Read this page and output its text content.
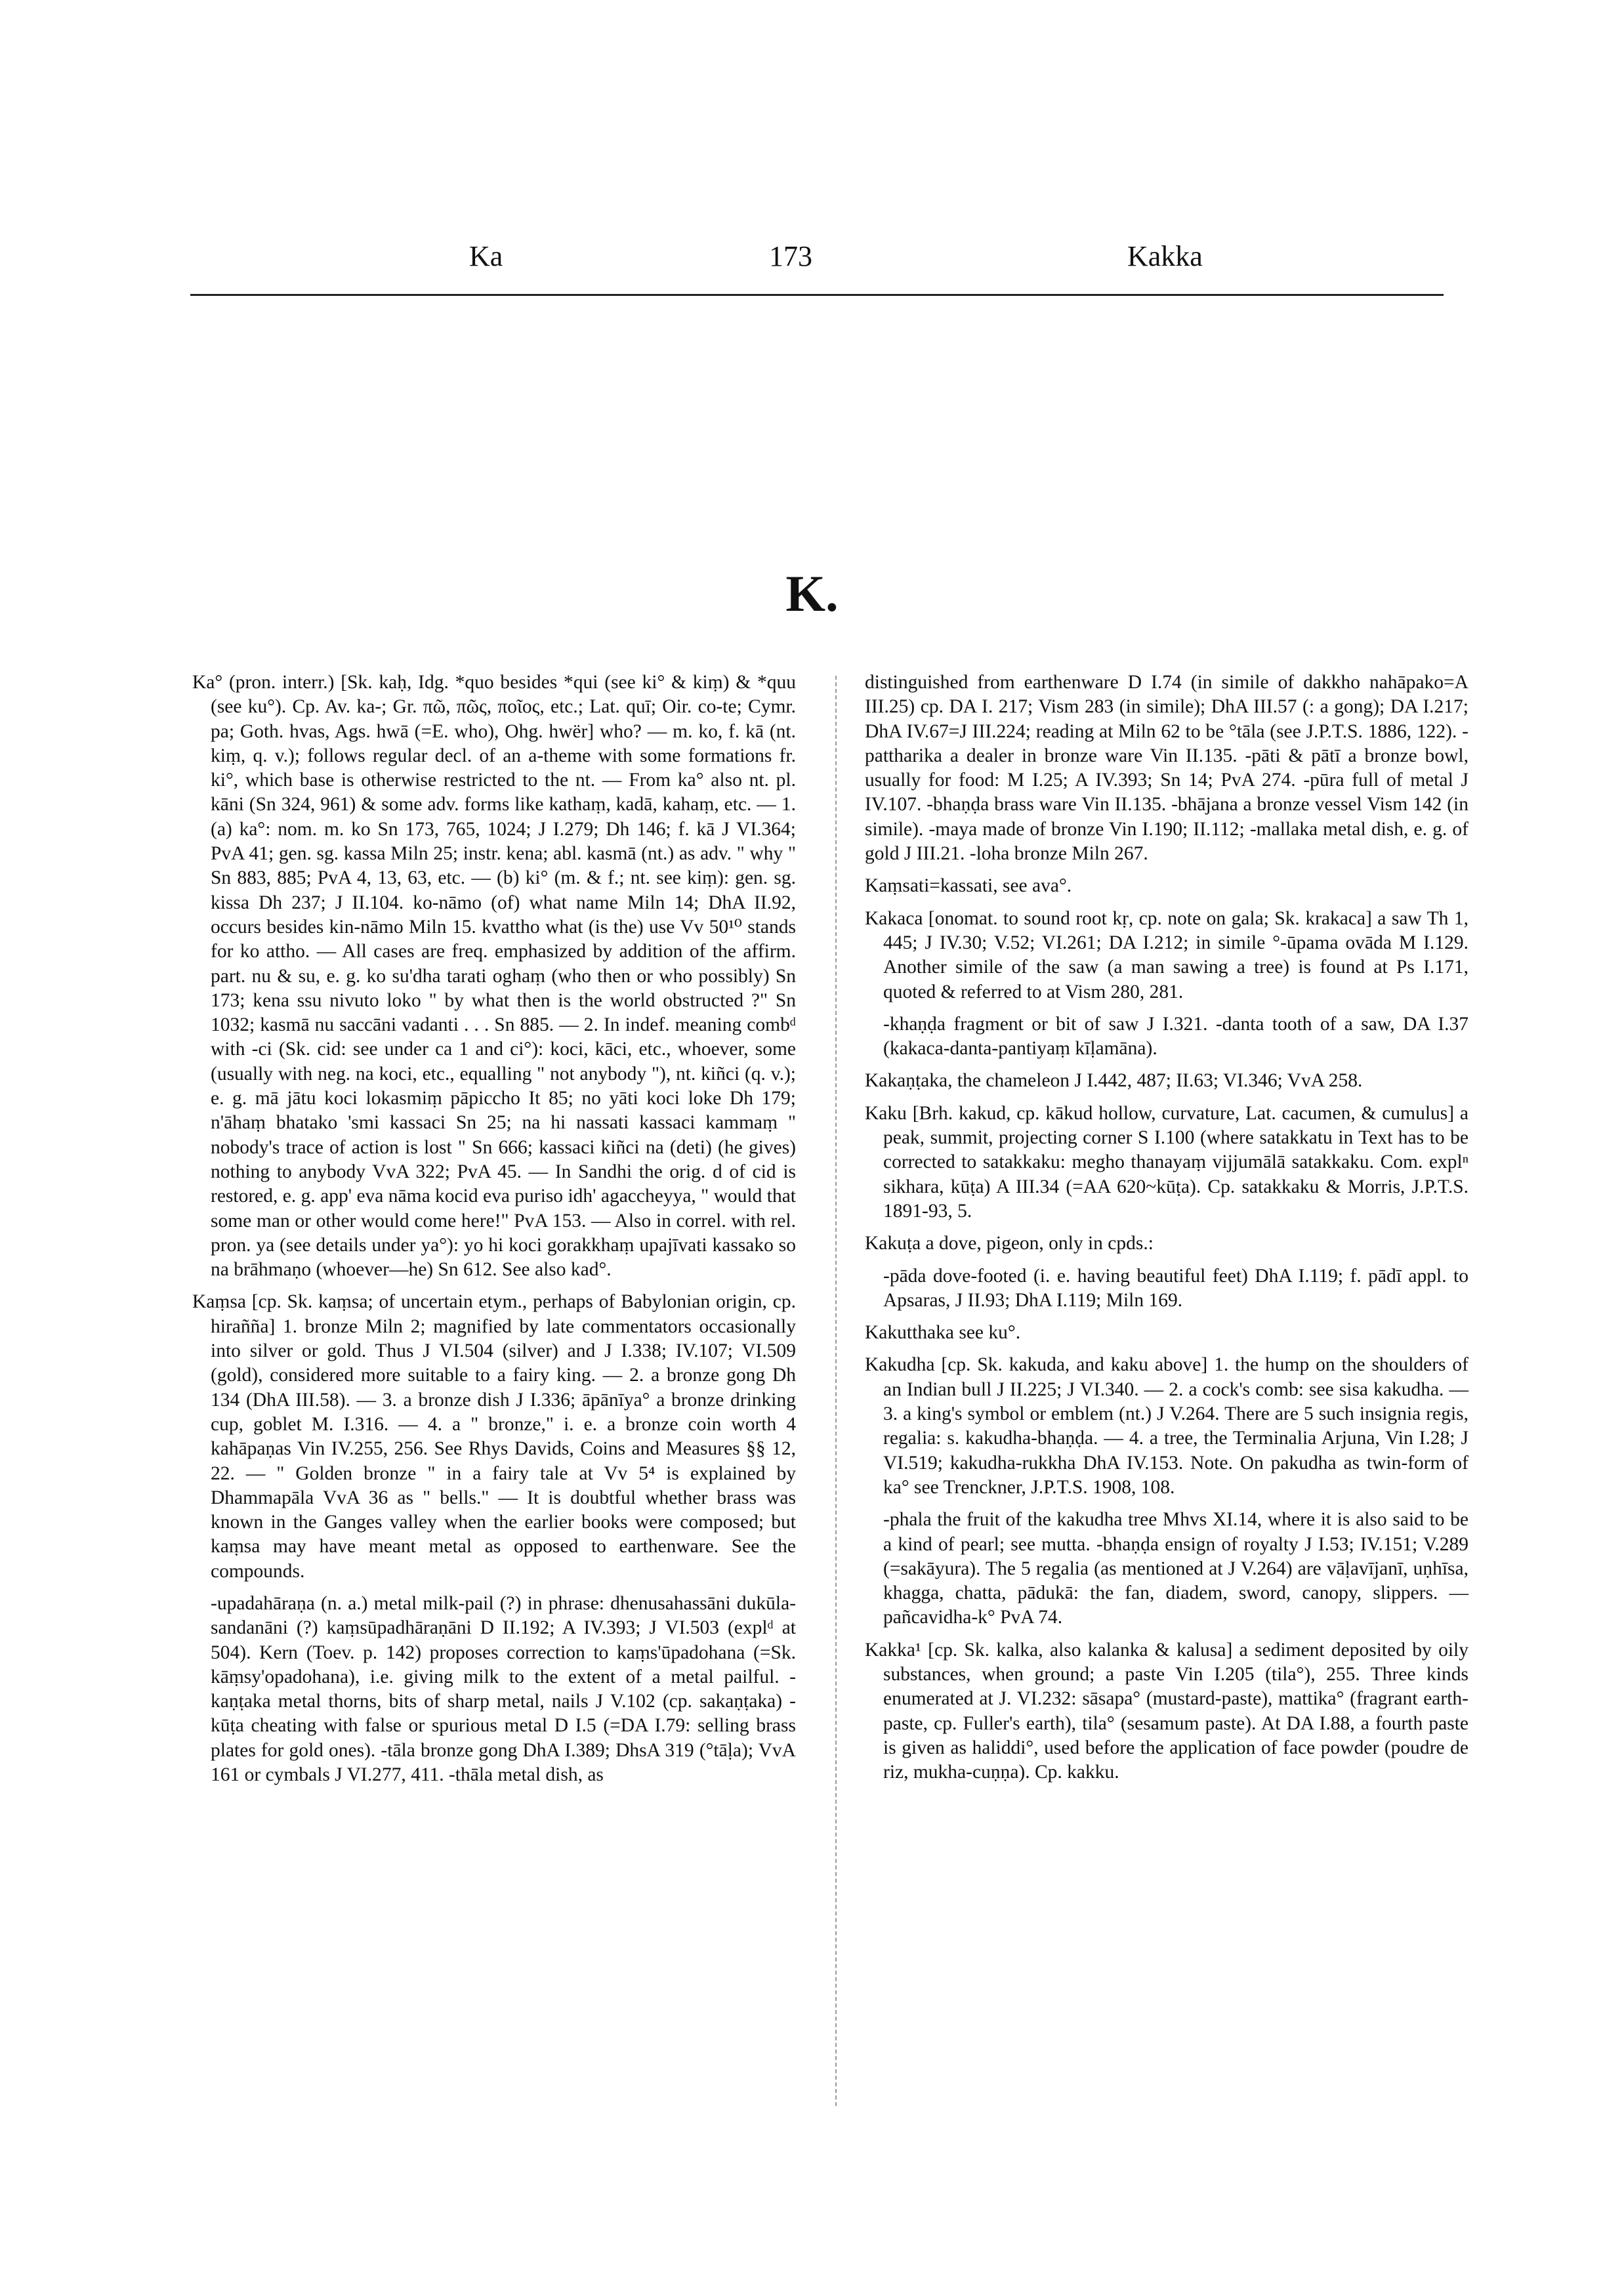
Ka	173	Kakka
K.

Ka° (pron. interr.) [Sk. kaḥ, Idg. *quo besides *qui (see ki° & kiṃ) & *quu (see ku°). Cp. Av. ka-; Gr. πῶ, πῶς, ποῖος, etc.; Lat. quī; Oir. co-te; Cymr. pa; Goth. hvas, Ags. hwā (=E. who), Ohg. hwër] who? — m. ko, f. kā (nt. kiṃ, q. v.); follows regular decl. of an a-theme with some formations fr. ki°, which base is otherwise restricted to the nt. — From ka° also nt. pl. kāni (Sn 324, 961) & some adv. forms like kathaṃ, kadā, kahaṃ, etc. — 1. (a) ka°: nom. m. ko Sn 173, 765, 1024; J I.279; Dh 146; f. kā J VI.364; PvA 41; gen. sg. kassa Miln 25; instr. kena; abl. kasmā (nt.) as adv. " why " Sn 883, 885; PvA 4, 13, 63, etc. — (b) ki° (m. & f.; nt. see kiṃ): gen. sg. kissa Dh 237; J II.104. ko-nāmo (of) what name Miln 14; DhA II.92, occurs besides kin-nāmo Miln 15. kvattho what (is the) use Vv 50¹⁰ stands for ko attho. — All cases are freq. emphasized by addition of the affirm. part. nu & su, e. g. ko su'dha tarati oghaṃ (who then or who possibly) Sn 173; kena ssu nivuto loko " by what then is the world obstructed ?" Sn 1032; kasmā nu saccāni vadanti . . . Sn 885. — 2. In indef. meaning combᵈ with -ci (Sk. cid: see under ca 1 and ci°): koci, kāci, etc., whoever, some (usually with neg. na koci, etc., equalling " not anybody "), nt. kiñci (q. v.); e. g. mā jātu koci lokasmiṃ pāpiccho It 85; no yāti koci loke Dh 179; n'āhaṃ bhatako 'smi kassaci Sn 25; na hi nassati kassaci kammaṃ " nobody's trace of action is lost " Sn 666; kassaci kiñci na (deti) (he gives) nothing to anybody VvA 322; PvA 45. — In Sandhi the orig. d of cid is restored, e. g. app' eva nāma kocid eva puriso idh' agaccheyya, " would that some man or other would come here!" PvA 153. — Also in correl. with rel. pron. ya (see details under ya°): yo hi koci gorakkhaṃ upajīvati kassako so na brāhmaṇo (whoever—he) Sn 612. See also kad°.

Kaṃsa [cp. Sk. kaṃsa; of uncertain etym., perhaps of Babylonian origin, cp. hirañña] 1. bronze Miln 2; magnified by late commentators occasionally into silver or gold. Thus J VI.504 (silver) and J I.338; IV.107; VI.509 (gold), considered more suitable to a fairy king. — 2. a bronze gong Dh 134 (DhA III.58). — 3. a bronze dish J I.336; āpānīya° a bronze drinking cup, goblet M. I.316. — 4. a " bronze," i. e. a bronze coin worth 4 kahāpaṇas Vin IV.255, 256. See Rhys Davids, Coins and Measures §§ 12, 22. — " Golden bronze " in a fairy tale at Vv 5⁴ is explained by Dhammapāla VvA 36 as " bells." — It is doubtful whether brass was known in the Ganges valley when the earlier books were composed; but kaṃsa may have meant metal as opposed to earthenware. See the compounds.

-upadahāraṇa (n. a.) metal milk-pail (?) in phrase: dhenusahassāni dukūla-sandanāni (?) kaṃsūpadhāraṇāni D II.192; A IV.393; J VI.503 (explᵈ at 504). Kern (Toev. p. 142) proposes correction to kaṃs'ūpadohana (=Sk. kāṃsy'opadohana), i.e. giving milk to the extent of a metal pailful. -kaṇṭaka metal thorns, bits of sharp metal, nails J V.102 (cp. sakaṇṭaka) -kūṭa cheating with false or spurious metal D I.5 (=DA I.79: selling brass plates for gold ones). -tāla bronze gong DhA I.389; DhsA 319 (°tāḷa); VvA 161 or cymbals J VI.277, 411. -thāla metal dish, as

distinguished from earthenware D I.74 (in simile of dakkho nahāpako=A III.25) cp. DA I. 217; Vism 283 (in simile); DhA III.57 (: a gong); DA I.217; DhA IV.67=J III.224; reading at Miln 62 to be °tāla (see J.P.T.S. 1886, 122). -pattharika a dealer in bronze ware Vin II.135. -pāti & pātī a bronze bowl, usually for food: M I.25; A IV.393; Sn 14; PvA 274. -pūra full of metal J IV.107. -bhaṇḍa brass ware Vin II.135. -bhājana a bronze vessel Vism 142 (in simile). -maya made of bronze Vin I.190; II.112; -mallaka metal dish, e. g. of gold J III.21. -loha bronze Miln 267.

Kaṃsati=kassati, see ava°.

Kakaca [onomat. to sound root kṛ, cp. note on gala; Sk. krakaca] a saw Th 1, 445; J IV.30; V.52; VI.261; DA I.212; in simile °-ūpama ovāda M I.129. Another simile of the saw (a man sawing a tree) is found at Ps I.171, quoted & referred to at Vism 280, 281.

-khaṇḍa fragment or bit of saw J I.321. -danta tooth of a saw, DA I.37 (kakaca-danta-pantiyaṃ kīḷamāna).

Kakaṇṭaka, the chameleon J I.442, 487; II.63; VI.346; VvA 258.

Kaku [Brh. kakud, cp. kākud hollow, curvature, Lat. cacumen, & cumulus] a peak, summit, projecting corner S I.100 (where satakkatu in Text has to be corrected to satakkaku: megho thanayaṃ vijjumālā satakkaku. Com. explⁿ sikhara, kūṭa) A III.34 (=AA 620~kūṭa). Cp. satakkaku & Morris, J.P.T.S. 1891-93, 5.

Kakuṭa a dove, pigeon, only in cpds.:

-pāda dove-footed (i. e. having beautiful feet) DhA I.119; f. pādī appl. to Apsaras, J II.93; DhA I.119; Miln 169.

Kakutthaka see ku°.

Kakudha [cp. Sk. kakuda, and kaku above] 1. the hump on the shoulders of an Indian bull J II.225; J VI.340. — 2. a cock's comb: see sisa kakudha. — 3. a king's symbol or emblem (nt.) J V.264. There are 5 such insignia regis, regalia: s. kakudha-bhaṇḍa. — 4. a tree, the Terminalia Arjuna, Vin I.28; J VI.519; kakudha-rukkha DhA IV.153. Note. On pakudha as twin-form of ka° see Trenckner, J.P.T.S. 1908, 108.

-phala the fruit of the kakudha tree Mhvs XI.14, where it is also said to be a kind of pearl; see mutta. -bhaṇḍa ensign of royalty J I.53; IV.151; V.289 (=sakāyura). The 5 regalia (as mentioned at J V.264) are vāḷavījanī, uṇhīsa, khagga, chatta, pādukā: the fan, diadem, sword, canopy, slippers. — pañcavidha-k° PvA 74.

Kakka¹ [cp. Sk. kalka, also kalanka & kalusa] a sediment deposited by oily substances, when ground; a paste Vin I.205 (tila°), 255. Three kinds enumerated at J. VI.232: sāsapa° (mustard-paste), mattika° (fragrant earth-paste, cp. Fuller's earth), tila° (sesamum paste). At DA I.88, a fourth paste is given as haliddi°, used before the application of face powder (poudre de riz, mukha-cuṇṇa). Cp. kakku.
